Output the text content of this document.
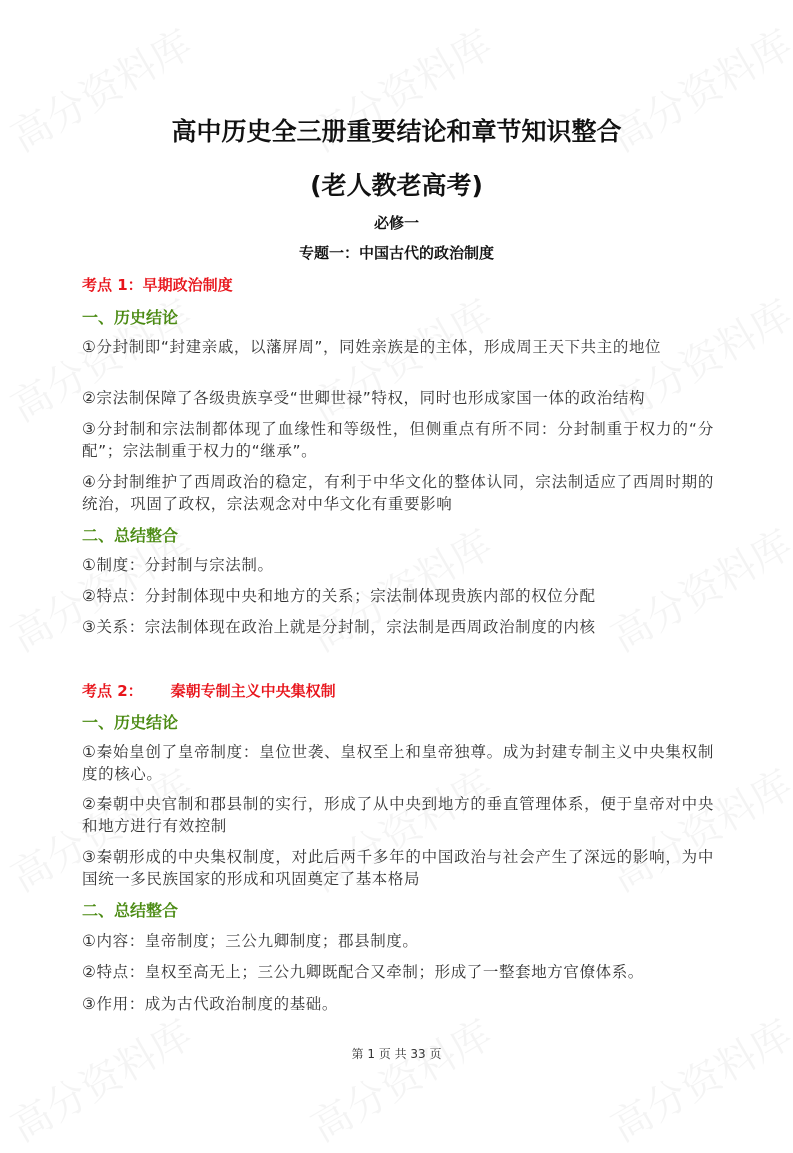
高中历史全三册重要结论和章节知识整合
(老人教老高考)
必修一
专题一：中国古代的政治制度
考点 1：早期政治制度
一、历史结论
①分封制即“封建亲戚，以藩屏周”，同姓亲族是的主体，形成周王天下共主的地位
②宗法制保障了各级贵族享受“世卿世禄”特权，同时也形成家国一体的政治结构
③分封制和宗法制都体现了血缘性和等级性，但侧重点有所不同：分封制重于权力的“分配”；宗法制重于权力的“继承”。
④分封制维护了西周政治的稳定，有利于中华文化的整体认同，宗法制适应了西周时期的统治，巩固了政权，宗法观念对中华文化有重要影响
二、总结整合
①制度：分封制与宗法制。
②特点：分封制体现中央和地方的关系；宗法制体现贵族内部的权位分配
③关系：宗法制体现在政治上就是分封制，宗法制是西周政治制度的内核
考点 2： 秦朝专制主义中央集权制
一、历史结论
①秦始皇创了皇帝制度：皇位世袭、皇权至上和皇帝独尊。成为封建专制主义中央集权制度的核心。
②秦朝中央官制和郡县制的实行，形成了从中央到地方的垂直管理体系，便于皇帝对中央和地方进行有效控制
③秦朝形成的中央集权制度，对此后两千多年的中国政治与社会产生了深远的影响，为中国统一多民族国家的形成和巩固奠定了基本格局
二、总结整合
①内容：皇帝制度；三公九卿制度；郡县制度。
②特点：皇权至高无上；三公九卿既配合又牵制；形成了一整套地方官僚体系。
③作用：成为古代政治制度的基础。
第 1 页 共 33 页
